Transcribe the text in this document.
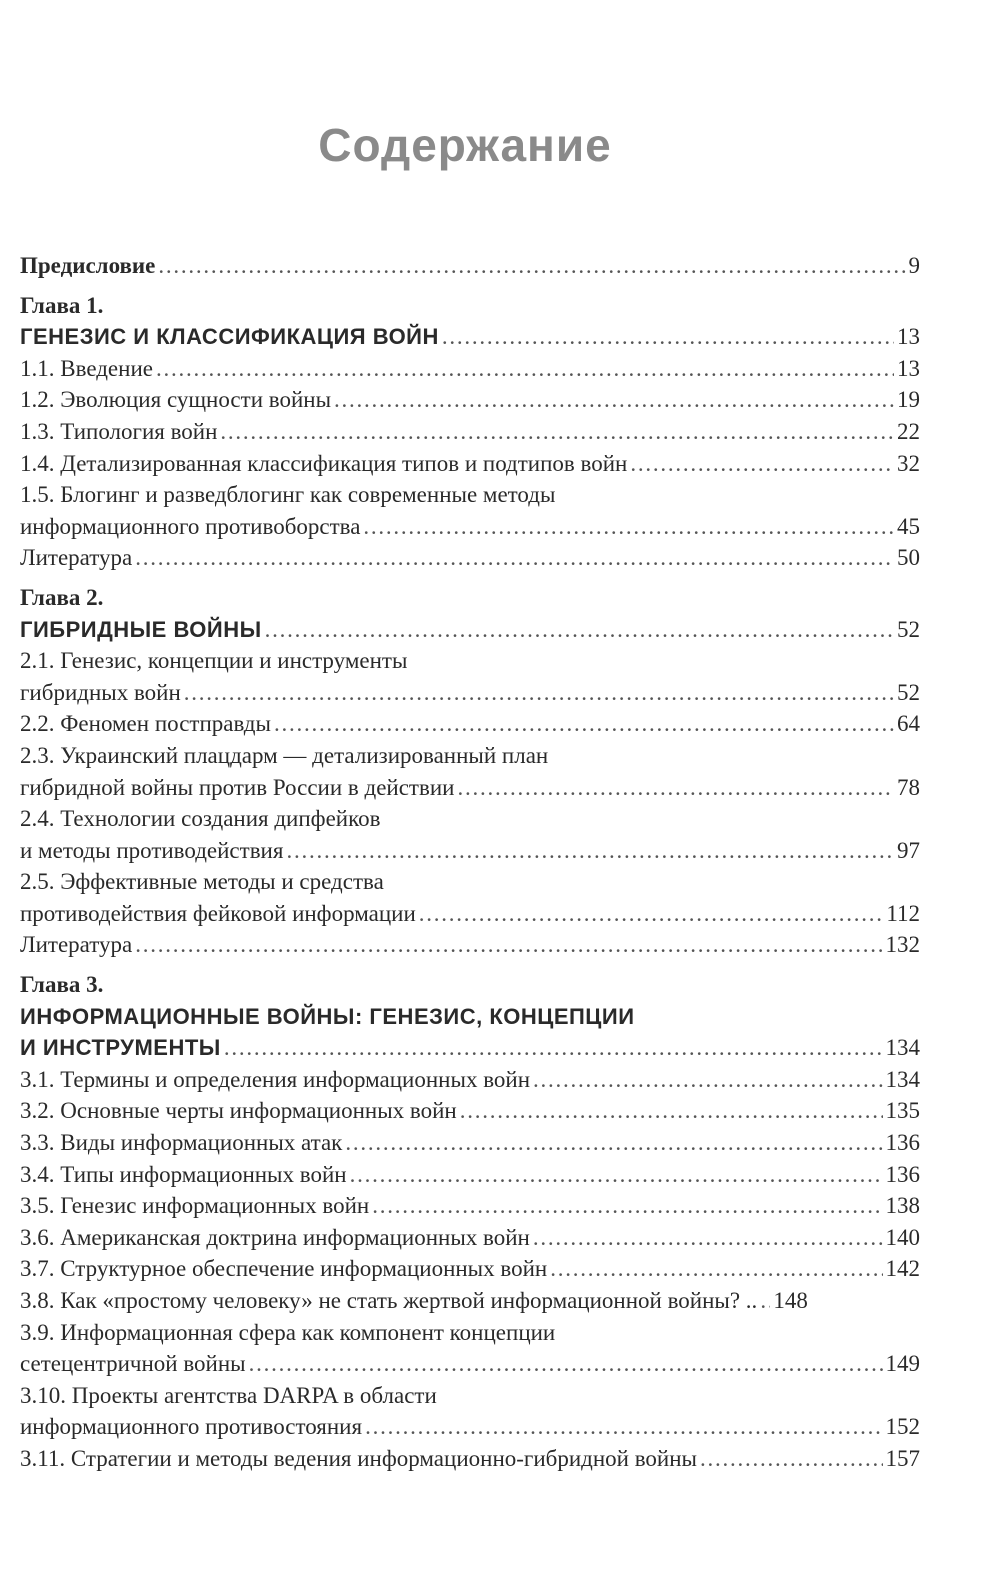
Содержание
Предисловие . . .	9
Глава 1.
ГЕНЕЗИС И КЛАССИФИКАЦИЯ ВОЙН . . .	13
1.1. Введение . . .	13
1.2. Эволюция сущности войны . . .	19
1.3. Типология войн . . .	22
1.4. Детализированная классификация типов и подтипов войн . . .	32
1.5. Блогинг и разведблогинг как современные методы
информационного противоборства . . .	45
Литература . . .	50
Глава 2.
ГИБРИДНЫЕ ВОЙНЫ . . .	52
2.1. Генезис, концепции и инструменты
гибридных войн . . .	52
2.2. Феномен постправды . . .	64
2.3. Украинский плацдарм — детализированный план
гибридной войны против России в действии . . .	78
2.4. Технологии создания дипфейков
и методы противодействия . . .	97
2.5. Эффективные методы и средства
противодействия фейковой информации . . .	112
Литература . . .	132
Глава 3.
ИНФОРМАЦИОННЫЕ ВОЙНЫ: ГЕНЕЗИС, КОНЦЕПЦИИ
И ИНСТРУМЕНТЫ . . .	134
3.1. Термины и определения информационных войн . . .	134
3.2. Основные черты информационных войн . . .	135
3.3. Виды информационных атак . . .	136
3.4. Типы информационных войн . . .	136
3.5. Генезис информационных войн . . .	138
3.6. Американская доктрина информационных войн . . .	140
3.7. Структурное обеспечение информационных войн . . .	142
3.8. Как «простому человеку» не стать жертвой информационной войны? .. . . . 148
3.9. Информационная сфера как компонент концепции
сетецентричной войны . . .	149
3.10. Проекты агентства DARPA в области
информационного противостояния . . .	152
3.11. Стратегии и методы ведения информационно-гибридной войны . . .	157
